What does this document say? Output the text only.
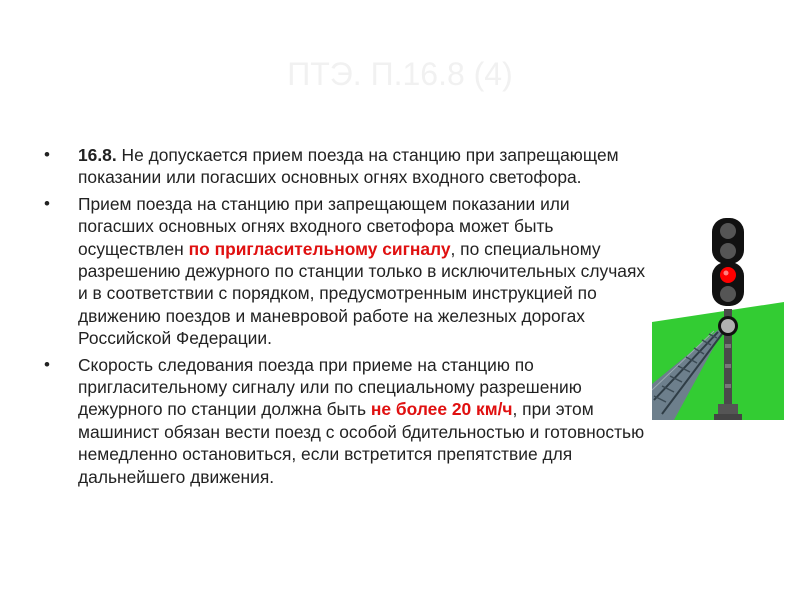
ПТЭ. П.16.8 (4)
• 16.8. Не допускается прием поезда на станцию при запрещающем показании или погасших основных огнях входного светофора.
• Прием поезда на станцию при запрещающем показании или погасших основных огнях входного светофора может быть осуществлен по пригласительному сигналу, по специальному разрешению дежурного по станции только в исключительных случаях и в соответствии с порядком, предусмотренным инструкцией по движению поездов и маневровой работе на железных дорогах Российской Федерации.
• Скорость следования поезда при приеме на станцию по пригласительному сигналу или по специальному разрешению дежурного по станции должна быть не более 20 км/ч, при этом машинист обязан вести поезд с особой бдительностью и готовностью немедленно остановиться, если встретится препятствие для дальнейшего движения.
